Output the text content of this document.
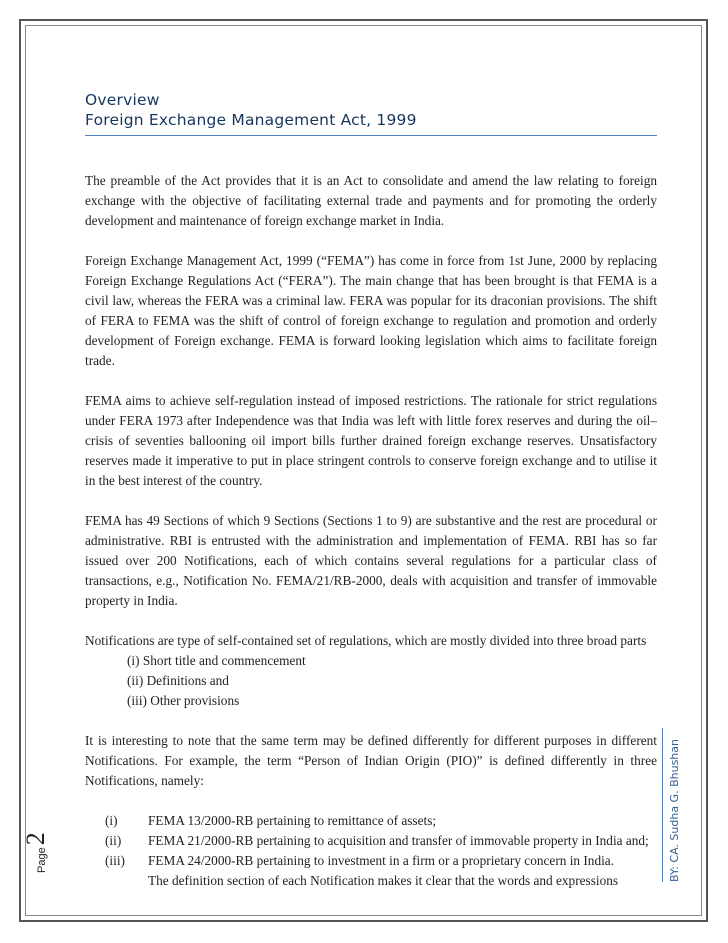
Overview
Foreign Exchange Management Act, 1999

The preamble of the Act provides that it is an Act to consolidate and amend the law relating to foreign exchange with the objective of facilitating external trade and payments and for promoting the orderly development and maintenance of foreign exchange market in India.

Foreign Exchange Management Act, 1999 (“FEMA”) has come in force from 1st June, 2000 by replacing Foreign Exchange Regulations Act (“FERA”). The main change that has been brought is that FEMA is a civil law, whereas the FERA was a criminal law. FERA was popular for its draconian provisions. The shift of FERA to FEMA was the shift of control of foreign exchange to regulation and promotion and orderly development of Foreign exchange. FEMA is forward looking legislation which aims to facilitate foreign trade.

FEMA aims to achieve self-regulation instead of imposed restrictions. The rationale for strict regulations under FERA 1973 after Independence was that India was left with little forex reserves and during the oil–crisis of seventies ballooning oil import bills further drained foreign exchange reserves. Unsatisfactory reserves made it imperative to put in place stringent controls to conserve foreign exchange and to utilise it in the best interest of the country.

FEMA has 49 Sections of which 9 Sections (Sections 1 to 9) are substantive and the rest are procedural or administrative. RBI is entrusted with the administration and implementation of FEMA. RBI has so far issued over 200 Notifications, each of which contains several regulations for a particular class of transactions, e.g., Notification No. FEMA/21/RB-2000, deals with acquisition and transfer of immovable property in India.

Notifications are type of self-contained set of regulations, which are mostly divided into three broad parts

(i) Short title and commencement
(ii) Definitions and
(iii) Other provisions

It is interesting to note that the same term may be defined differently for different purposes in different Notifications. For example, the term “Person of Indian Origin (PIO)” is defined differently in three Notifications, namely:

(i)	FEMA 13/2000-RB pertaining to remittance of assets;
(ii)	FEMA 21/2000-RB pertaining to acquisition and transfer of immovable property in India and;
(iii)	FEMA 24/2000-RB pertaining to investment in a firm or a proprietary concern in India.
The definition section of each Notification makes it clear that the words and expressions
Page
2	BY: CA. Sudha G. Bhushan
